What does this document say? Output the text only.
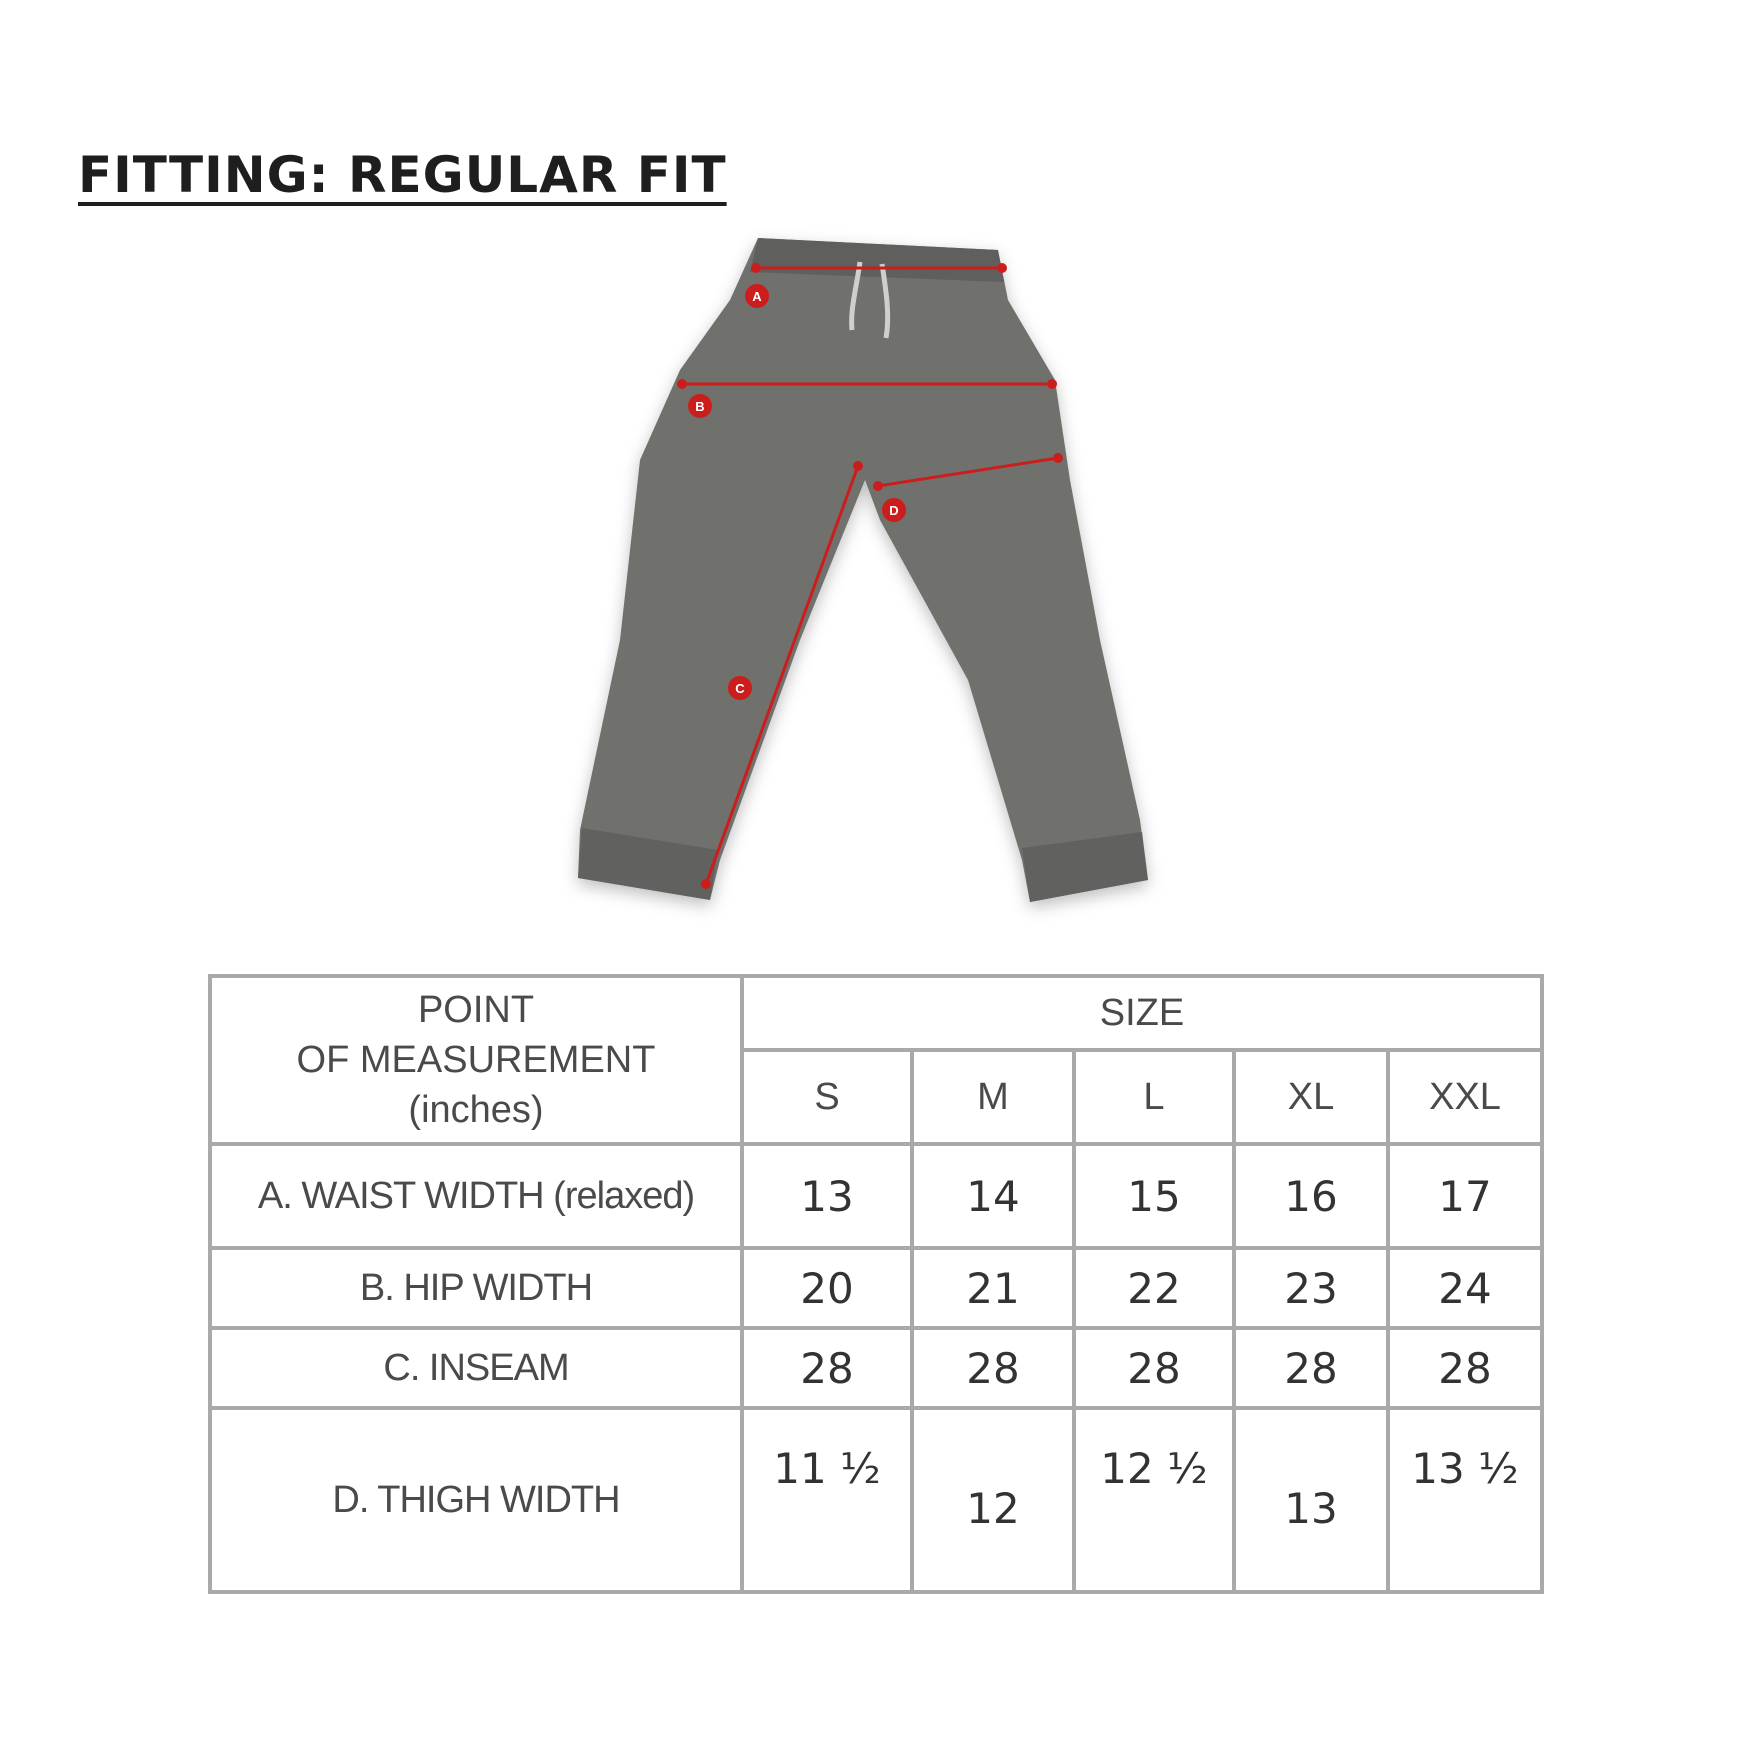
FITTING: REGULAR FIT
A
B
C
D
POINT
OF MEASUREMENT
(inches)	SIZE				
	S	M	L	XL	XXL
A. WAIST WIDTH (relaxed)	13	14	15	16	17
B. HIP WIDTH	20	21	22	23	24
C. INSEAM	28	28	28	28	28
D. THIGH WIDTH	11 ½	12	12 ½	13	13 ½
